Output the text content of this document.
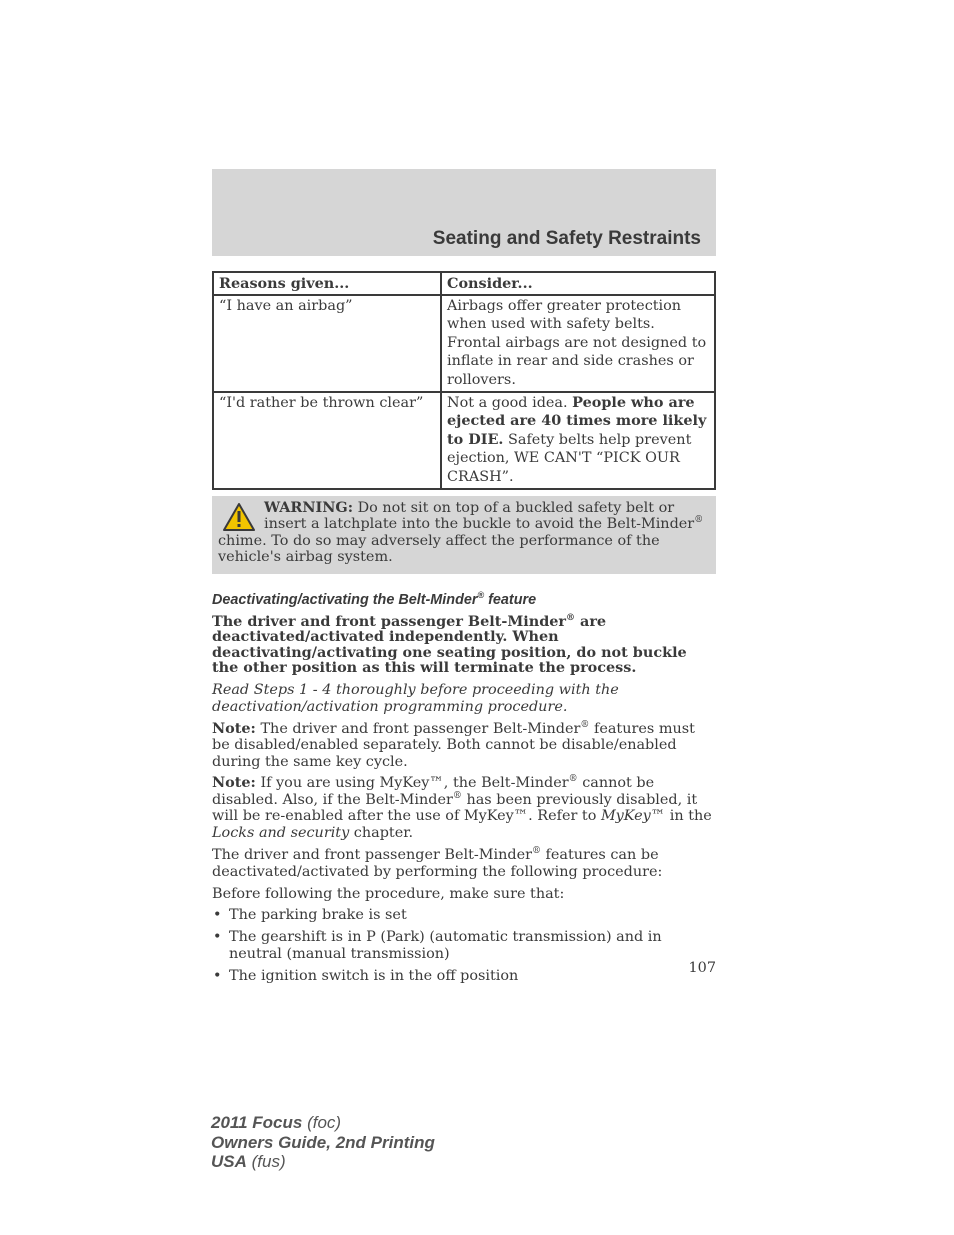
Seating and Safety Restraints
Reasons given...	Consider...
“I have an airbag”	Airbags offer greater protection when used with safety belts. Frontal airbags are not designed to inflate in rear and side crashes or rollovers.
“I'd rather be thrown clear”	Not a good idea. People who are ejected are 40 times more likely to DIE. Safety belts help prevent ejection, WE CAN'T “PICK OUR CRASH”.
WARNING: Do not sit on top of a buckled safety belt or insert a latchplate into the buckle to avoid the Belt-Minder® chime. To do so may adversely affect the performance of the vehicle's airbag system.
Deactivating/activating the Belt-Minder® feature

The driver and front passenger Belt-Minder® are deactivated/activated independently. When deactivating/activating one seating position, do not buckle the other position as this will terminate the process.

Read Steps 1 - 4 thoroughly before proceeding with the deactivation/activation programming procedure.

Note: The driver and front passenger Belt-Minder® features must be disabled/enabled separately. Both cannot be disable/enabled during the same key cycle.

Note: If you are using MyKey™, the Belt-Minder® cannot be disabled. Also, if the Belt-Minder® has been previously disabled, it will be re-enabled after the use of MyKey™. Refer to MyKey™ in the Locks and security chapter.

The driver and front passenger Belt-Minder® features can be deactivated/activated by performing the following procedure:

Before following the procedure, make sure that:

• The parking brake is set
• The gearshift is in P (Park) (automatic transmission) and in neutral (manual transmission)
• The ignition switch is in the off position
107
2011 Focus (foc)
Owners Guide, 2nd Printing
USA (fus)
